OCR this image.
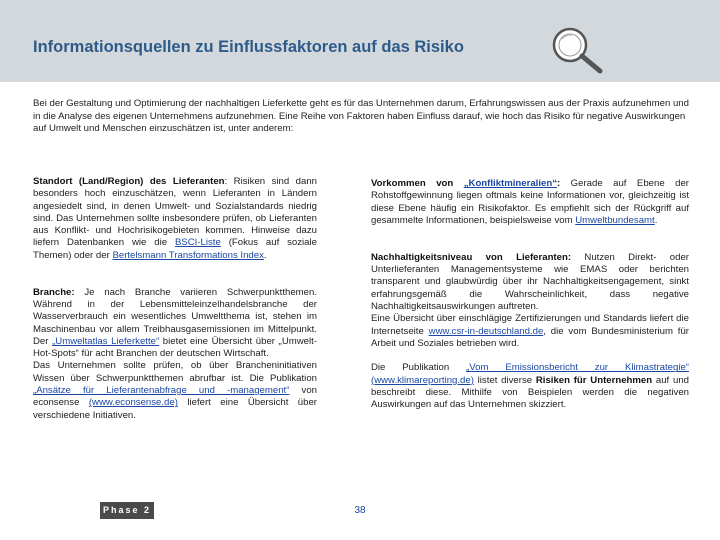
Informationsquellen zu Einflussfaktoren auf das Risiko
Bei der Gestaltung und Optimierung der nachhaltigen Lieferkette geht es für das Unternehmen darum, Erfahrungswissen aus der Praxis aufzunehmen und in die Analyse des eigenen Unternehmens aufzunehmen. Eine Reihe von Faktoren haben Einfluss darauf, wie hoch das Risiko für negative Auswirkungen auf Umwelt und Menschen einzuschätzen ist, unter anderem:

Standort (Land/Region) des Lieferanten: Risiken sind dann besonders hoch einzuschätzen, wenn Lieferanten in Ländern angesiedelt sind, in denen Umwelt- und Sozialstandards niedrig sind. Das Unternehmen sollte insbesondere prüfen, ob Lieferanten aus Konflikt- und Hochrisikogebieten kommen. Hinweise dazu liefern Datenbanken wie die BSCI-Liste (Fokus auf soziale Themen) oder der Bertelsmann Transformations Index.

Branche: Je nach Branche variieren Schwerpunktthemen. Während in der Lebensmitteleinzelhandelsbranche der Wasserverbrauch ein wesentliches Umweltthema ist, stehen im Maschinenbau vor allem Treibhausgasemissionen im Mittelpunkt. Der „Umweltatlas Lieferkette“ bietet eine Übersicht über „Umwelt-Hot-Spots“ für acht Branchen der deutschen Wirtschaft.

Das Unternehmen sollte prüfen, ob über Brancheninitiativen Wissen über Schwerpunktthemen abrufbar ist. Die Publikation „Ansätze für Lieferantenabfrage und -management“ von econsense (www.econsense.de) liefert eine Übersicht über verschiedene Initiativen.

Vorkommen von „Konfliktmineralien“: Gerade auf Ebene der Rohstoffgewinnung liegen oftmals keine Informationen vor, gleichzeitig ist diese Ebene häufig ein Risikofaktor. Es empfiehlt sich der Rückgriff auf gesammelte Informationen, beispielsweise vom Umweltbundesamt.

Nachhaltigkeitsniveau von Lieferanten: Nutzen Direkt- oder Unterlieferanten Managementsysteme wie EMAS oder berichten transparent und glaubwürdig über ihr Nachhaltigkeitsengagement, sinkt erfahrungsgemäß die Wahrscheinlichkeit, dass negative Nachhaltigkeitsauswirkungen auftreten.

Eine Übersicht über einschlägige Zertifizierungen und Standards liefert die Internetseite www.csr-in-deutschland.de, die vom Bundesministerium für Arbeit und Soziales betrieben wird.

Die Publikation „Vom Emissionsbericht zur Klimastrategie“ (www.klimareporting.de) listet diverse Risiken für Unternehmen auf und beschreibt diese. Mithilfe von Beispielen werden die negativen Auswirkungen auf das Unternehmen skizziert.

Phase 2	38
